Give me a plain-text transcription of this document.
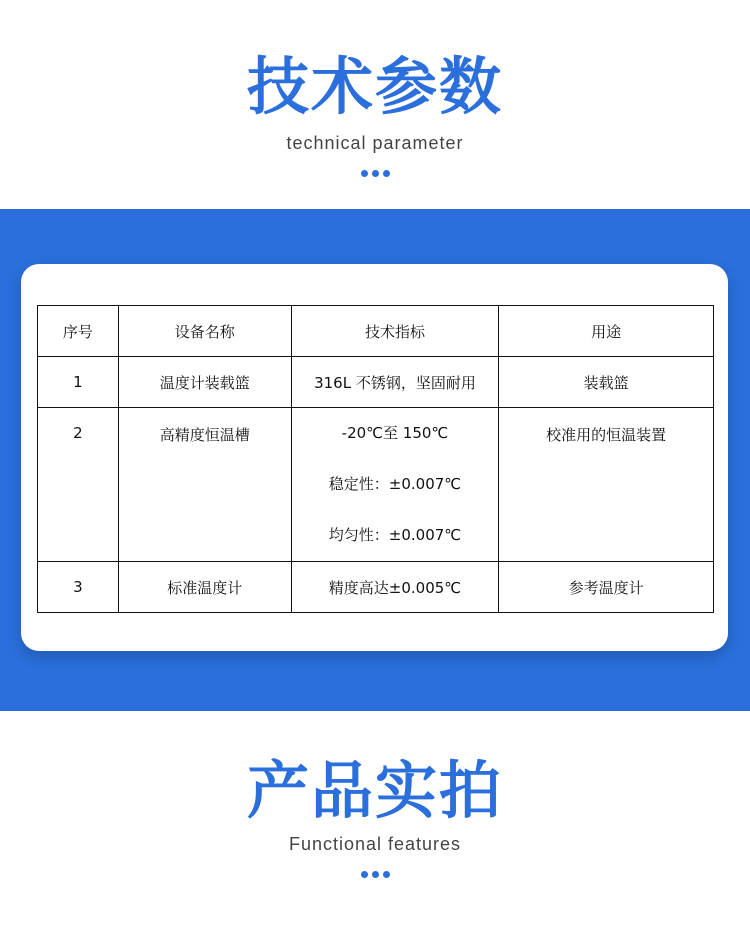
技术参数
technical parameter
序号	设备名称	技术指标	用途
1	温度计装载篮	316L 不锈钢，坚固耐用	装载篮

2	高精度恒温槽	-20℃至 150℃
稳定性：±0.007℃
均匀性：±0.007℃	校准用的恒温装置

3	标准温度计	精度高达±0.005℃	参考温度计
产品实拍
Functional features
